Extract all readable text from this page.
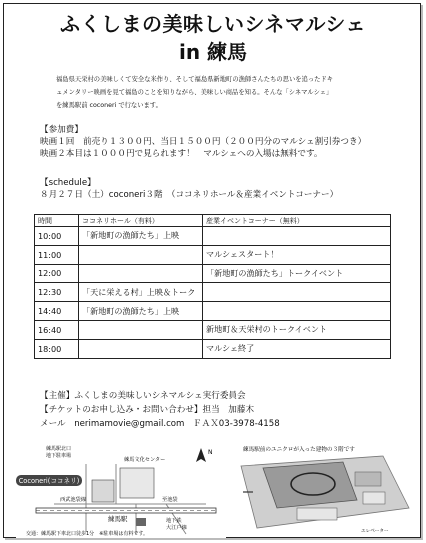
ふくしまの美味しいシネマルシェ
in 練馬
福島県天栄村の美味しくて安全な米作り、そして福島県新地町の漁師さんたちの思いを追ったドキ
ュメンタリー映画を見て福島のことを知りながら、美味しい商品を知る。そんな「シネマルシェ」
を練馬駅前 coconeri で行ないます。
【参加費】
映画１回　前売り１３００円、当日１５００円（２００円分のマルシェ割引券つき）
映画２本目は１０００円で見られます！　マルシェへの入場は無料です。
【schedule】
８月２７日（土）coconeri３階　（ココネリホール＆産業イベントコーナー）
時間	ココネリホール（有料）	産業イベントコーナー（無料）
10:00	「新地町の漁師たち」上映	
11:00		マルシェスタート！
12:00		「新地町の漁師たち」トークイベント
12:30	「天に栄える村」上映＆トーク	
14:40	「新地町の漁師たち」上映	
16:40		新地町＆天栄村のトークイベント
18:00		マルシェ終了
【主催】ふくしまの美味しいシネマルシェ実行委員会
【チケットのお申し込み・お問い合わせ】担当　加藤木
メール　nerimamovie@gmail.com　ＦＡＸ03-3978-4158
Coconeri(ココネリ)
練馬駅北口
地下駐車場
練馬文化センター
西武池袋線	至池袋
練馬駅	地下鉄
大江戸線
交通：練馬駅下車北口徒歩1分　※駐車場は有料です。
N	練馬駅前のユニクロが入った建物の３階です
エレベーター
